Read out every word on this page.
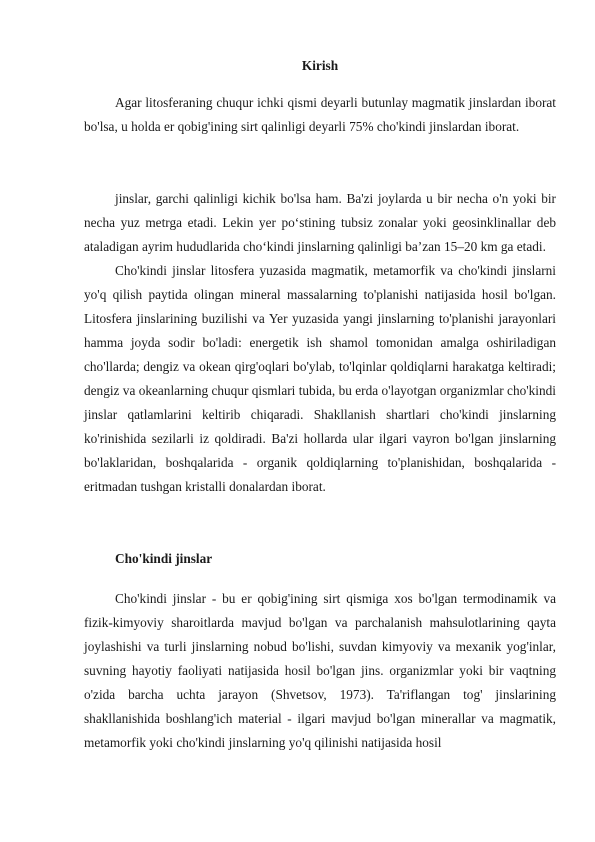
Kirish

Agar litosferaning chuqur ichki qismi deyarli butunlay magmatik jinslardan iborat bo'lsa, u holda er qobig'ining sirt qalinligi deyarli 75% cho'kindi jinslardan iborat.

jinslar, garchi qalinligi kichik bo'lsa ham. Ba'zi joylarda u bir necha o'n yoki bir necha yuz metrga etadi. Lekin yer poʻstining tubsiz zonalar yoki geosinklinallar deb ataladigan ayrim hududlarida choʻkindi jinslarning qalinligi baʼzan 15–20 km ga etadi.

Cho'kindi jinslar litosfera yuzasida magmatik, metamorfik va cho'kindi jinslarni yo'q qilish paytida olingan mineral massalarning to'planishi natijasida hosil bo'lgan. Litosfera jinslarining buzilishi va Yer yuzasida yangi jinslarning to'planishi jarayonlari hamma joyda sodir bo'ladi: energetik ish shamol tomonidan amalga oshiriladigan cho'llarda; dengiz va okean qirg'oqlari bo'ylab, to'lqinlar qoldiqlarni harakatga keltiradi; dengiz va okeanlarning chuqur qismlari tubida, bu erda o'layotgan organizmlar cho'kindi jinslar qatlamlarini keltirib chiqaradi. Shakllanish shartlari cho'kindi jinslarning ko'rinishida sezilarli iz qoldiradi. Ba'zi hollarda ular ilgari vayron bo'lgan jinslarning bo'laklaridan, boshqalarida - organik qoldiqlarning to'planishidan, boshqalarida - eritmadan tushgan kristalli donalardan iborat.

Cho'kindi jinslar

Cho'kindi jinslar - bu er qobig'ining sirt qismiga xos bo'lgan termodinamik va fizik-kimyoviy sharoitlarda mavjud bo'lgan va parchalanish mahsulotlarining qayta joylashishi va turli jinslarning nobud bo'lishi, suvdan kimyoviy va mexanik yog'inlar, suvning hayotiy faoliyati natijasida hosil bo'lgan jins. organizmlar yoki bir vaqtning o'zida barcha uchta jarayon (Shvetsov, 1973). Ta'riflangan tog' jinslarining shakllanishida boshlang'ich material - ilgari mavjud bo'lgan minerallar va magmatik, metamorfik yoki cho'kindi jinslarning yo'q qilinishi natijasida hosil
